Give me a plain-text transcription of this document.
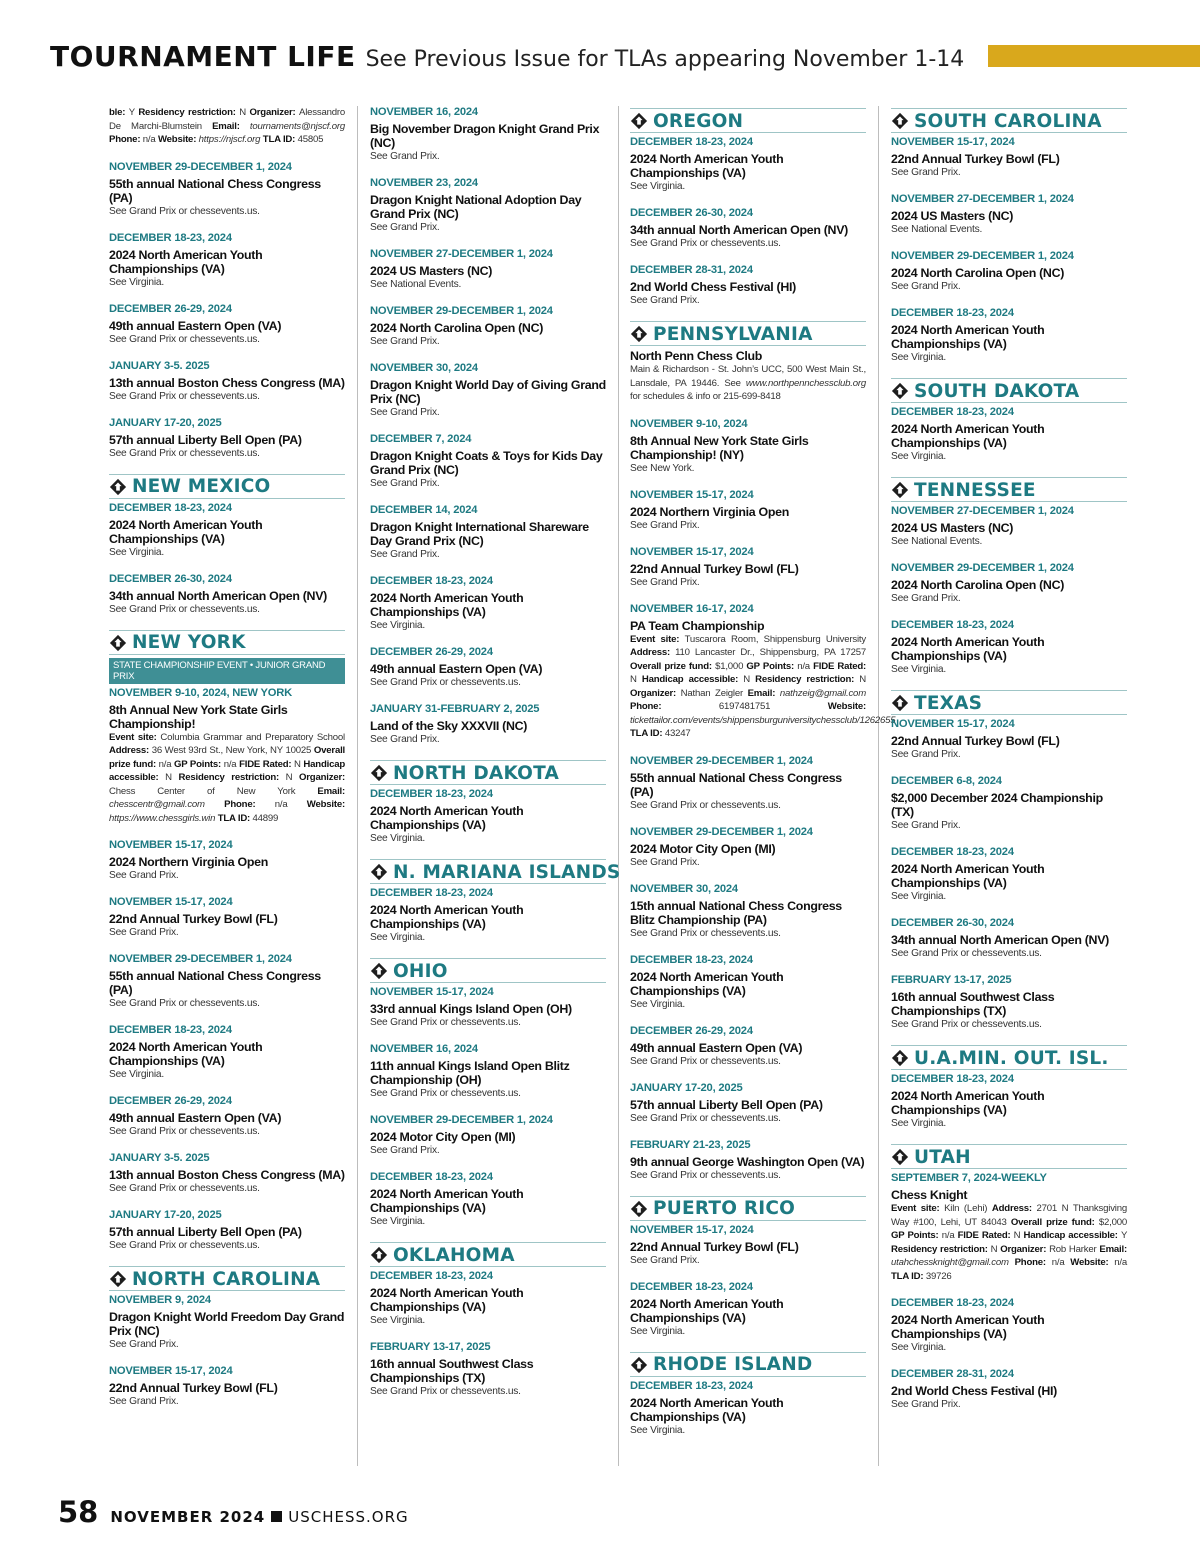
TOURNAMENT LIFE See Previous Issue for TLAs appearing November 1-14
ble: Y Residency restriction: N Organizer: Alessandro De Marchi-Blumstein Email: tournaments@njscf.org Phone: n/a Website: https://njscf.org TLA ID: 45805
NOVEMBER 29-DECEMBER 1, 2024
55th annual National Chess Congress (PA)
See Grand Prix or chessevents.us.
DECEMBER 18-23, 2024
2024 North American Youth Championships (VA)
See Virginia.
DECEMBER 26-29, 2024
49th annual Eastern Open (VA)
See Grand Prix or chessevents.us.
JANUARY 3-5. 2025
13th annual Boston Chess Congress (MA)
See Grand Prix or chessevents.us.
JANUARY 17-20, 2025
57th annual Liberty Bell Open (PA)
See Grand Prix or chessevents.us.
NEW MEXICO
DECEMBER 18-23, 2024
2024 North American Youth Championships (VA)
See Virginia.
DECEMBER 26-30, 2024
34th annual North American Open (NV)
See Grand Prix or chessevents.us.
NEW YORK
STATE CHAMPIONSHIP EVENT • JUNIOR GRAND PRIX
NOVEMBER 9-10, 2024, NEW YORK
8th Annual New York State Girls Championship!
Event site: Columbia Grammar and Preparatory School Address: 36 West 93rd St., New York, NY 10025 Overall prize fund: n/a GP Points: n/a FIDE Rated: N Handicap accessible: N Residency restriction: N Organizer: Chess Center of New York Email: chesscentr@gmail.com Phone: n/a Website: https://www.chessgirls.win TLA ID: 44899
NOVEMBER 15-17, 2024
2024 Northern Virginia Open
See Grand Prix.
NOVEMBER 15-17, 2024
22nd Annual Turkey Bowl (FL)
See Grand Prix.
NOVEMBER 29-DECEMBER 1, 2024
55th annual National Chess Congress (PA)
See Grand Prix or chessevents.us.
DECEMBER 18-23, 2024
2024 North American Youth Championships (VA)
See Virginia.
DECEMBER 26-29, 2024
49th annual Eastern Open (VA)
See Grand Prix or chessevents.us.
JANUARY 3-5. 2025
13th annual Boston Chess Congress (MA)
See Grand Prix or chessevents.us.
JANUARY 17-20, 2025
57th annual Liberty Bell Open (PA)
See Grand Prix or chessevents.us.
NORTH CAROLINA
NOVEMBER 9, 2024
Dragon Knight World Freedom Day Grand Prix (NC)
See Grand Prix.
NOVEMBER 15-17, 2024
22nd Annual Turkey Bowl (FL)
See Grand Prix.
NOVEMBER 16, 2024
Big November Dragon Knight Grand Prix (NC)
See Grand Prix.
NOVEMBER 23, 2024
Dragon Knight National Adoption Day Grand Prix (NC)
See Grand Prix.
NOVEMBER 27-DECEMBER 1, 2024
2024 US Masters (NC)
See National Events.
NOVEMBER 29-DECEMBER 1, 2024
2024 North Carolina Open (NC)
See Grand Prix.
NOVEMBER 30, 2024
Dragon Knight World Day of Giving Grand Prix (NC)
See Grand Prix.
DECEMBER 7, 2024
Dragon Knight Coats & Toys for Kids Day Grand Prix (NC)
See Grand Prix.
DECEMBER 14, 2024
Dragon Knight International Shareware Day Grand Prix (NC)
See Grand Prix.
DECEMBER 18-23, 2024
2024 North American Youth Championships (VA)
See Virginia.
DECEMBER 26-29, 2024
49th annual Eastern Open (VA)
See Grand Prix or chessevents.us.
JANUARY 31-FEBRUARY 2, 2025
Land of the Sky XXXVII (NC)
See Grand Prix.
NORTH DAKOTA
DECEMBER 18-23, 2024
2024 North American Youth Championships (VA)
See Virginia.
N. MARIANA ISLANDS
DECEMBER 18-23, 2024
2024 North American Youth Championships (VA)
See Virginia.
OHIO
NOVEMBER 15-17, 2024
33rd annual Kings Island Open (OH)
See Grand Prix or chessevents.us.
NOVEMBER 16, 2024
11th annual Kings Island Open Blitz Championship (OH)
See Grand Prix or chessevents.us.
NOVEMBER 29-DECEMBER 1, 2024
2024 Motor City Open (MI)
See Grand Prix.
DECEMBER 18-23, 2024
2024 North American Youth Championships (VA)
See Virginia.
OKLAHOMA
DECEMBER 18-23, 2024
2024 North American Youth Championships (VA)
See Virginia.
FEBRUARY 13-17, 2025
16th annual Southwest Class Championships (TX)
See Grand Prix or chessevents.us.
OREGON
DECEMBER 18-23, 2024
2024 North American Youth Championships (VA)
See Virginia.
DECEMBER 26-30, 2024
34th annual North American Open (NV)
See Grand Prix or chessevents.us.
DECEMBER 28-31, 2024
2nd World Chess Festival (HI)
See Grand Prix.
PENNSYLVANIA
North Penn Chess Club
Main & Richardson - St. John’s UCC, 500 West Main St., Lansdale, PA 19446. See www.northpennchessclub.org for schedules & info or 215-699-8418
NOVEMBER 9-10, 2024
8th Annual New York State Girls Championship! (NY)
See New York.
NOVEMBER 15-17, 2024
2024 Northern Virginia Open
See Grand Prix.
NOVEMBER 15-17, 2024
22nd Annual Turkey Bowl (FL)
See Grand Prix.
NOVEMBER 16-17, 2024
PA Team Championship
Event site: Tuscarora Room, Shippensburg University Address: 110 Lancaster Dr., Shippensburg, PA 17257 Overall prize fund: $1,000 GP Points: n/a FIDE Rated: N Handicap accessible: N Residency restriction: N Organizer: Nathan Zeigler Email: nathzeig@gmail.com Phone: 6197481751 Website: tickettailor.com/events/shippensburguniversitychessclub/1262655 TLA ID: 43247
NOVEMBER 29-DECEMBER 1, 2024
55th annual National Chess Congress (PA)
See Grand Prix or chessevents.us.
NOVEMBER 29-DECEMBER 1, 2024
2024 Motor City Open (MI)
See Grand Prix.
NOVEMBER 30, 2024
15th annual National Chess Congress Blitz Championship (PA)
See Grand Prix or chessevents.us.
DECEMBER 18-23, 2024
2024 North American Youth Championships (VA)
See Virginia.
DECEMBER 26-29, 2024
49th annual Eastern Open (VA)
See Grand Prix or chessevents.us.
JANUARY 17-20, 2025
57th annual Liberty Bell Open (PA)
See Grand Prix or chessevents.us.
FEBRUARY 21-23, 2025
9th annual George Washington Open (VA)
See Grand Prix or chessevents.us.
PUERTO RICO
NOVEMBER 15-17, 2024
22nd Annual Turkey Bowl (FL)
See Grand Prix.
DECEMBER 18-23, 2024
2024 North American Youth Championships (VA)
See Virginia.
RHODE ISLAND
DECEMBER 18-23, 2024
2024 North American Youth Championships (VA)
See Virginia.
SOUTH CAROLINA
NOVEMBER 15-17, 2024
22nd Annual Turkey Bowl (FL)
See Grand Prix.
NOVEMBER 27-DECEMBER 1, 2024
2024 US Masters (NC)
See National Events.
NOVEMBER 29-DECEMBER 1, 2024
2024 North Carolina Open (NC)
See Grand Prix.
DECEMBER 18-23, 2024
2024 North American Youth Championships (VA)
See Virginia.
SOUTH DAKOTA
DECEMBER 18-23, 2024
2024 North American Youth Championships (VA)
See Virginia.
TENNESSEE
NOVEMBER 27-DECEMBER 1, 2024
2024 US Masters (NC)
See National Events.
NOVEMBER 29-DECEMBER 1, 2024
2024 North Carolina Open (NC)
See Grand Prix.
DECEMBER 18-23, 2024
2024 North American Youth Championships (VA)
See Virginia.
TEXAS
NOVEMBER 15-17, 2024
22nd Annual Turkey Bowl (FL)
See Grand Prix.
DECEMBER 6-8, 2024
$2,000 December 2024 Championship (TX)
See Grand Prix.
DECEMBER 18-23, 2024
2024 North American Youth Championships (VA)
See Virginia.
DECEMBER 26-30, 2024
34th annual North American Open (NV)
See Grand Prix or chessevents.us.
FEBRUARY 13-17, 2025
16th annual Southwest Class Championships (TX)
See Grand Prix or chessevents.us.
U.A.MIN. OUT. ISL.
DECEMBER 18-23, 2024
2024 North American Youth Championships (VA)
See Virginia.
UTAH
SEPTEMBER 7, 2024-WEEKLY
Chess Knight
Event site: Kiln (Lehi) Address: 2701 N Thanksgiving Way #100, Lehi, UT 84043 Overall prize fund: $2,000 GP Points: n/a FIDE Rated: N Handicap accessible: Y Residency restriction: N Organizer: Rob Harker Email: utahchessknight@gmail.com Phone: n/a Website: n/a TLA ID: 39726
DECEMBER 18-23, 2024
2024 North American Youth Championships (VA)
See Virginia.
DECEMBER 28-31, 2024
2nd World Chess Festival (HI)
See Grand Prix.
58 NOVEMBER 2024 USCHESS.ORG
